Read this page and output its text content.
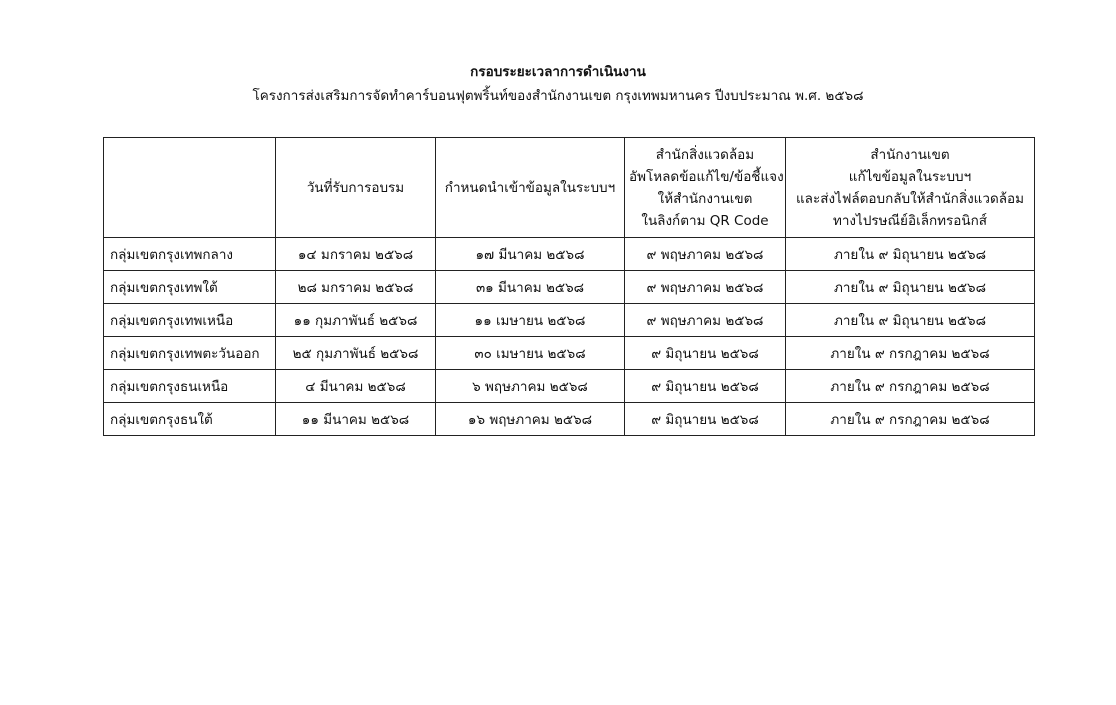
กรอบระยะเวลาการดำเนินงาน
โครงการส่งเสริมการจัดทำคาร์บอนฟุตพริ้นท์ของสำนักงานเขต กรุงเทพมหานคร ปีงบประมาณ พ.ศ. ๒๕๖๘

	วันที่รับการอบรม	กำหนดนำเข้าข้อมูลในระบบฯ	สำนักสิ่งแวดล้อม
อัพโหลดข้อแก้ไข/ข้อชี้แจง
ให้สำนักงานเขต
ในลิงก์ตาม QR Code	สำนักงานเขต
แก้ไขข้อมูลในระบบฯ
และส่งไฟล์ตอบกลับให้สำนักสิ่งแวดล้อม
ทางไปรษณีย์อิเล็กทรอนิกส์

กลุ่มเขตกรุงเทพกลาง	๑๔ มกราคม ๒๕๖๘	๑๗ มีนาคม ๒๕๖๘	๙ พฤษภาคม ๒๕๖๘	ภายใน ๙ มิถุนายน ๒๕๖๘
กลุ่มเขตกรุงเทพใต้	๒๘ มกราคม ๒๕๖๘	๓๑ มีนาคม ๒๕๖๘	๙ พฤษภาคม ๒๕๖๘	ภายใน ๙ มิถุนายน ๒๕๖๘
กลุ่มเขตกรุงเทพเหนือ	๑๑ กุมภาพันธ์ ๒๕๖๘	๑๑ เมษายน ๒๕๖๘	๙ พฤษภาคม ๒๕๖๘	ภายใน ๙ มิถุนายน ๒๕๖๘
กลุ่มเขตกรุงเทพตะวันออก	๒๕ กุมภาพันธ์ ๒๕๖๘	๓๐ เมษายน ๒๕๖๘	๙ มิถุนายน ๒๕๖๘	ภายใน ๙ กรกฎาคม ๒๕๖๘
กลุ่มเขตกรุงธนเหนือ	๔ มีนาคม ๒๕๖๘	๖ พฤษภาคม ๒๕๖๘	๙ มิถุนายน ๒๕๖๘	ภายใน ๙ กรกฎาคม ๒๕๖๘
กลุ่มเขตกรุงธนใต้	๑๑ มีนาคม ๒๕๖๘	๑๖ พฤษภาคม ๒๕๖๘	๙ มิถุนายน ๒๕๖๘	ภายใน ๙ กรกฎาคม ๒๕๖๘
